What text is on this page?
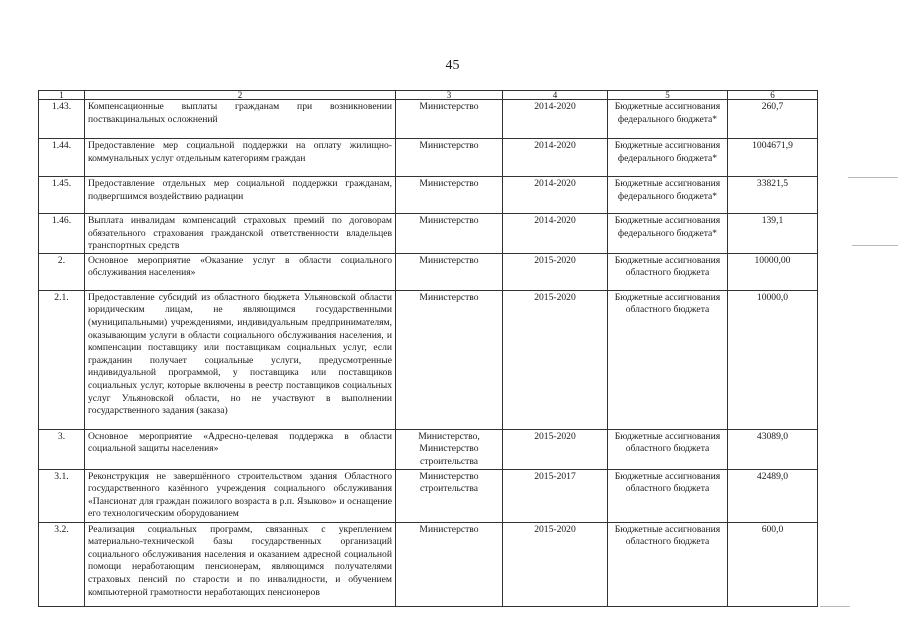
45
1	2	3	4	5	6
1.43.	Компенсационные выплаты гражданам при возникновении поствакцинальных осложнений	Министерство	2014-2020	Бюджетные ассигнования федерального бюджета*	260,7
1.44.	Предоставление мер социальной поддержки на оплату жилищно-коммунальных услуг отдельным категориям граждан	Министерство	2014-2020	Бюджетные ассигнования федерального бюджета*	1004671,9
1.45.	Предоставление отдельных мер социальной поддержки гражданам, подвергшимся воздействию радиации	Министерство	2014-2020	Бюджетные ассигнования федерального бюджета*	33821,5
1.46.	Выплата инвалидам компенсаций страховых премий по договорам обязательного страхования гражданской ответственности владельцев транспортных средств	Министерство	2014-2020	Бюджетные ассигнования федерального бюджета*	139,1
2.	Основное мероприятие «Оказание услуг в области социального обслуживания населения»	Министерство	2015-2020	Бюджетные ассигнования областного бюджета	10000,00
2.1.	Предоставление субсидий из областного бюджета Ульяновской области юридическим лицам, не являющимся государственными (муниципальными) учреждениями, индивидуальным предпринимателям, оказывающим услуги в области социального обслуживания населения, и компенсации поставщику или поставщикам социальных услуг, если гражданин получает социальные услуги, предусмотренные индивидуальной программой, у поставщика или поставщиков социальных услуг, которые включены в реестр поставщиков социальных услуг Ульяновской области, но не участвуют в выполнении государственного задания (заказа)	Министерство	2015-2020	Бюджетные ассигнования областного бюджета	10000,0
3.	Основное мероприятие «Адресно-целевая поддержка в области социальной защиты населения»	Министерство, Министерство строительства	2015-2020	Бюджетные ассигнования областного бюджета	43089,0
3.1.	Реконструкция не завершённого строительством здания Областного государственного казённого учреждения социального обслуживания «Пансионат для граждан пожилого возраста в р.п. Языково» и оснащение его технологическим оборудованием	Министерство строительства	2015-2017	Бюджетные ассигнования областного бюджета	42489,0
3.2.	Реализация социальных программ, связанных с укреплением материально-технической базы государственных организаций социального обслуживания населения и оказанием адресной социальной помощи неработающим пенсионерам, являющимся получателями страховых пенсий по старости и по инвалидности, и обучением компьютерной грамотности неработающих пенсионеров	Министерство	2015-2020	Бюджетные ассигнования областного бюджета	600,0
